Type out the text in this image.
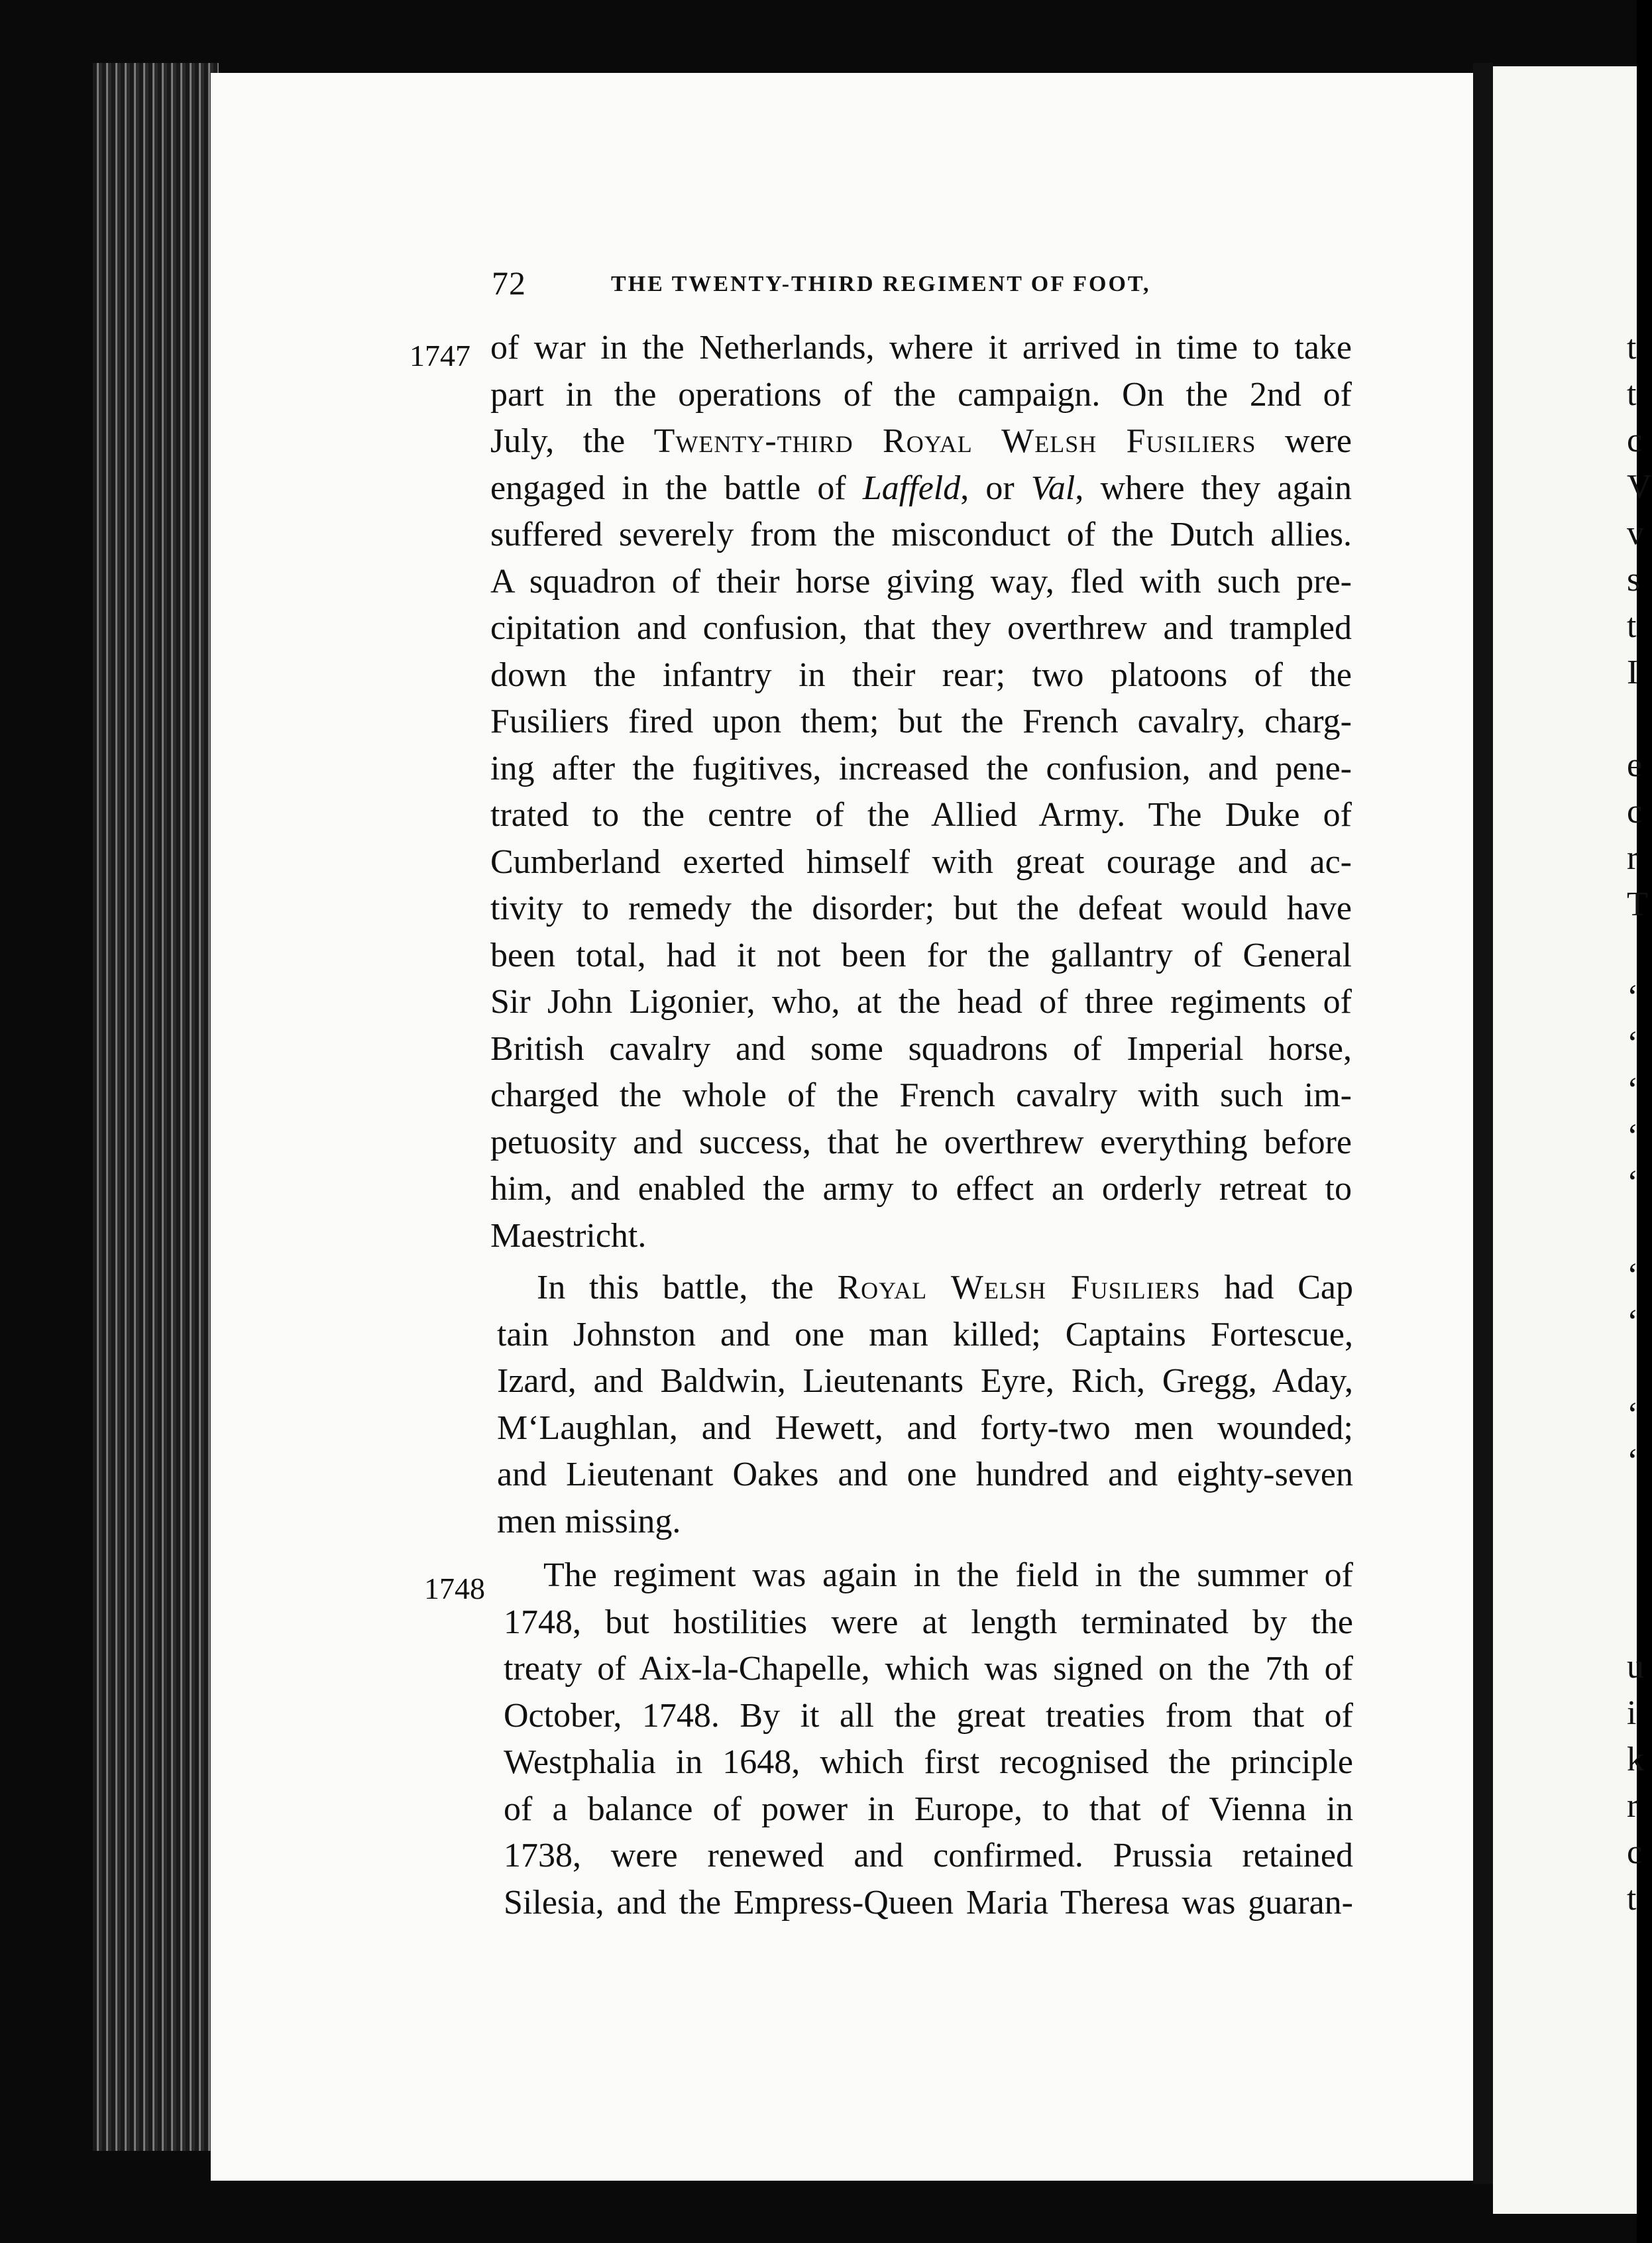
72	THE TWENTY-THIRD REGIMENT OF FOOT,
1747
1748
of war in the Netherlands, where it arrived in time to take
part in the operations of the campaign. On the 2nd of
July, the Twenty-third Royal Welsh Fusiliers were
engaged in the battle of Laffeld, or Val, where they again
suffered severely from the misconduct of the Dutch allies.
A squadron of their horse giving way, fled with such pre-
cipitation and confusion, that they overthrew and trampled
down the infantry in their rear; two platoons of the
Fusiliers fired upon them; but the French cavalry, charg-
ing after the fugitives, increased the confusion, and pene-
trated to the centre of the Allied Army. The Duke of
Cumberland exerted himself with great courage and ac-
tivity to remedy the disorder; but the defeat would have
been total, had it not been for the gallantry of General
Sir John Ligonier, who, at the head of three regiments of
British cavalry and some squadrons of Imperial horse,
charged the whole of the French cavalry with such im-
petuosity and success, that he overthrew everything before
him, and enabled the army to effect an orderly retreat to
Maestricht.
In this battle, the Royal Welsh Fusiliers had Cap
tain Johnston and one man killed; Captains Fortescue,
Izard, and Baldwin, Lieutenants Eyre, Rich, Gregg, Aday,
M‘Laughlan, and Hewett, and forty-two men wounded;
and Lieutenant Oakes and one hundred and eighty-seven
men missing.
The regiment was again in the field in the summer of
1748, but hostilities were at length terminated by the
treaty of Aix-la-Chapelle, which was signed on the 7th of
October, 1748. By it all the great treaties from that of
Westphalia in 1648, which first recognised the principle
of a balance of power in Europe, to that of Vienna in
1738, were renewed and confirmed. Prussia retained
Silesia, and the Empress-Queen Maria Theresa was guaran-
t
t
c
V
v
s
t
I
e
c
r
T
‘
‘
‘
‘
‘
‘
‘
‘
‘
u
i
k
r
c
t
